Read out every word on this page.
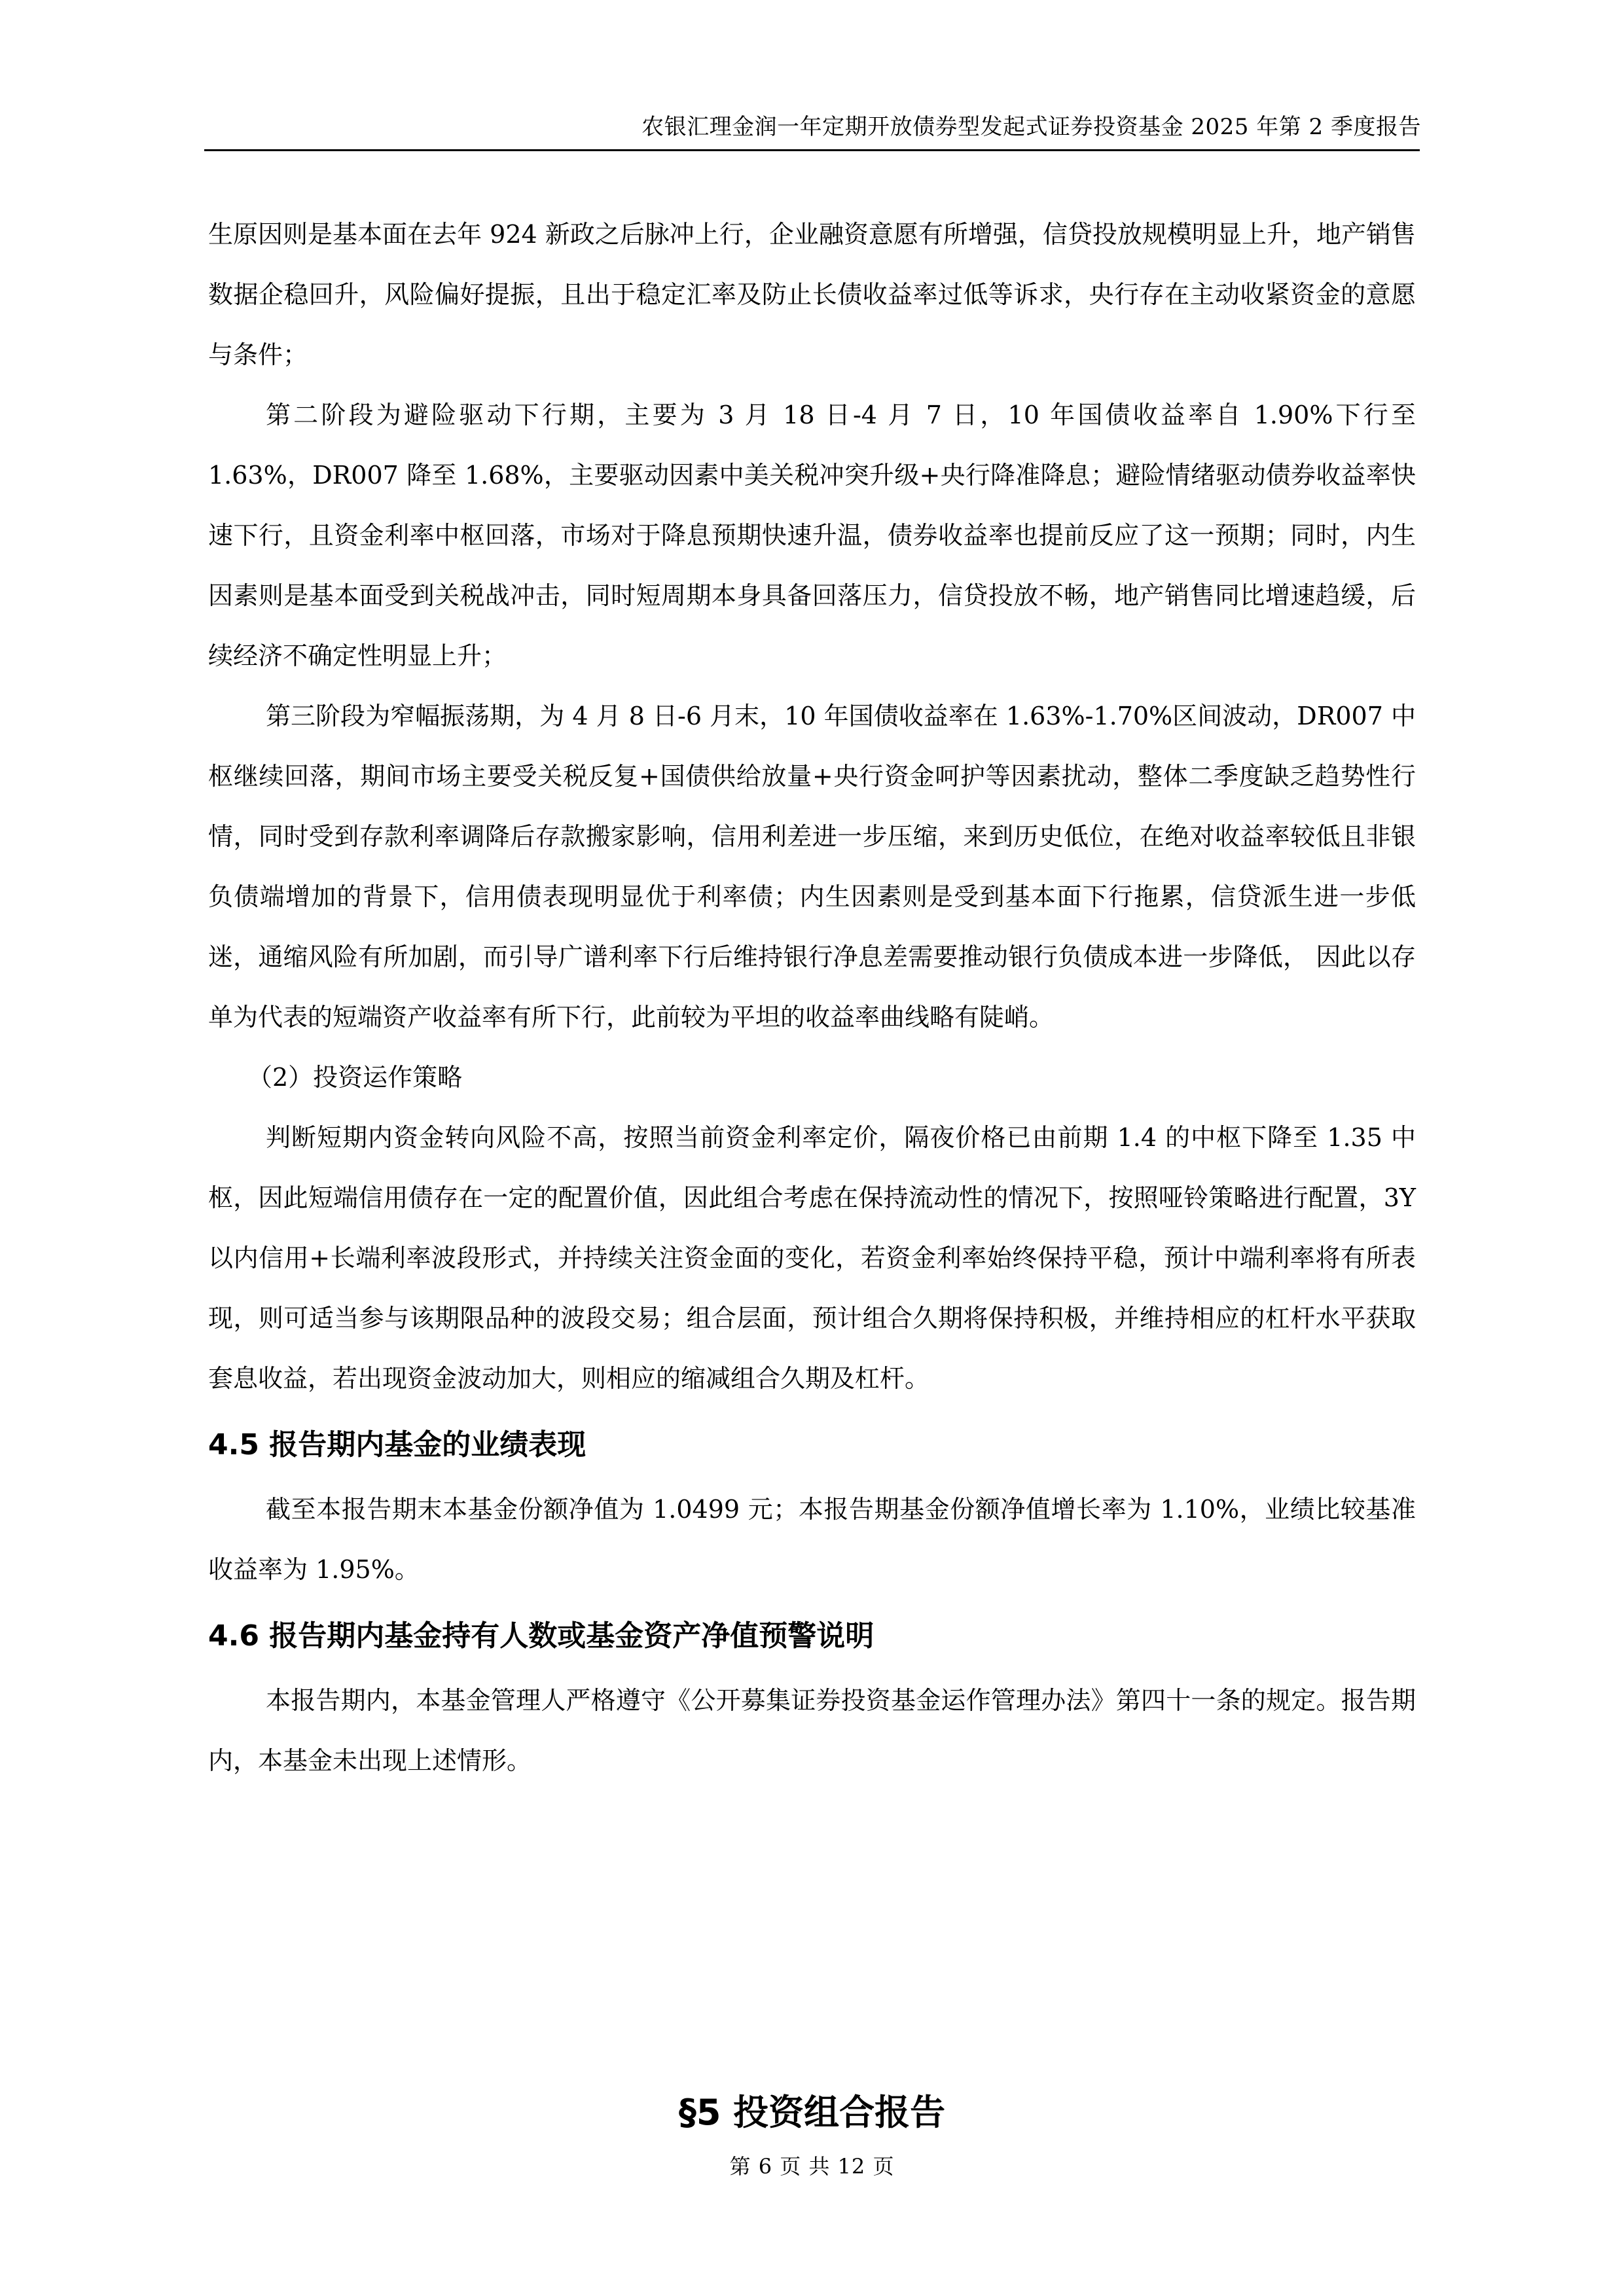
农银汇理金润一年定期开放债券型发起式证券投资基金 2025 年第 2 季度报告

生原因则是基本面在去年 924 新政之后脉冲上行，企业融资意愿有所增强，信贷投放规模明显上升，地产销售数据企稳回升，风险偏好提振，且出于稳定汇率及防止长债收益率过低等诉求，央行存在主动收紧资金的意愿与条件；

第二阶段为避险驱动下行期，主要为 3 月 18 日-4 月 7 日，10 年国债收益率自 1.90%下行至 1.63%，DR007 降至 1.68%，主要驱动因素中美关税冲突升级+央行降准降息；避险情绪驱动债券收益率快速下行，且资金利率中枢回落，市场对于降息预期快速升温，债券收益率也提前反应了这一预期；同时，内生因素则是基本面受到关税战冲击，同时短周期本身具备回落压力，信贷投放不畅，地产销售同比增速趋缓，后续经济不确定性明显上升；

第三阶段为窄幅振荡期，为 4 月 8 日-6 月末，10 年国债收益率在 1.63%-1.70%区间波动，DR007 中枢继续回落，期间市场主要受关税反复+国债供给放量+央行资金呵护等因素扰动，整体二季度缺乏趋势性行情，同时受到存款利率调降后存款搬家影响，信用利差进一步压缩，来到历史低位，在绝对收益率较低且非银负债端增加的背景下，信用债表现明显优于利率债；内生因素则是受到基本面下行拖累，信贷派生进一步低迷，通缩风险有所加剧，而引导广谱利率下行后维持银行净息差需要推动银行负债成本进一步降低， 因此以存单为代表的短端资产收益率有所下行，此前较为平坦的收益率曲线略有陡峭。

（2）投资运作策略

判断短期内资金转向风险不高，按照当前资金利率定价，隔夜价格已由前期 1.4 的中枢下降至 1.35 中枢，因此短端信用债存在一定的配置价值，因此组合考虑在保持流动性的情况下，按照哑铃策略进行配置，3Y 以内信用+长端利率波段形式，并持续关注资金面的变化，若资金利率始终保持平稳，预计中端利率将有所表现，则可适当参与该期限品种的波段交易；组合层面，预计组合久期将保持积极，并维持相应的杠杆水平获取套息收益，若出现资金波动加大，则相应的缩减组合久期及杠杆。

4.5 报告期内基金的业绩表现

截至本报告期末本基金份额净值为 1.0499 元；本报告期基金份额净值增长率为 1.10%，业绩比较基准收益率为 1.95%。

4.6 报告期内基金持有人数或基金资产净值预警说明

本报告期内，本基金管理人严格遵守《公开募集证券投资基金运作管理办法》第四十一条的规定。报告期内，本基金未出现上述情形。

§5 投资组合报告
第 6 页 共 12 页
